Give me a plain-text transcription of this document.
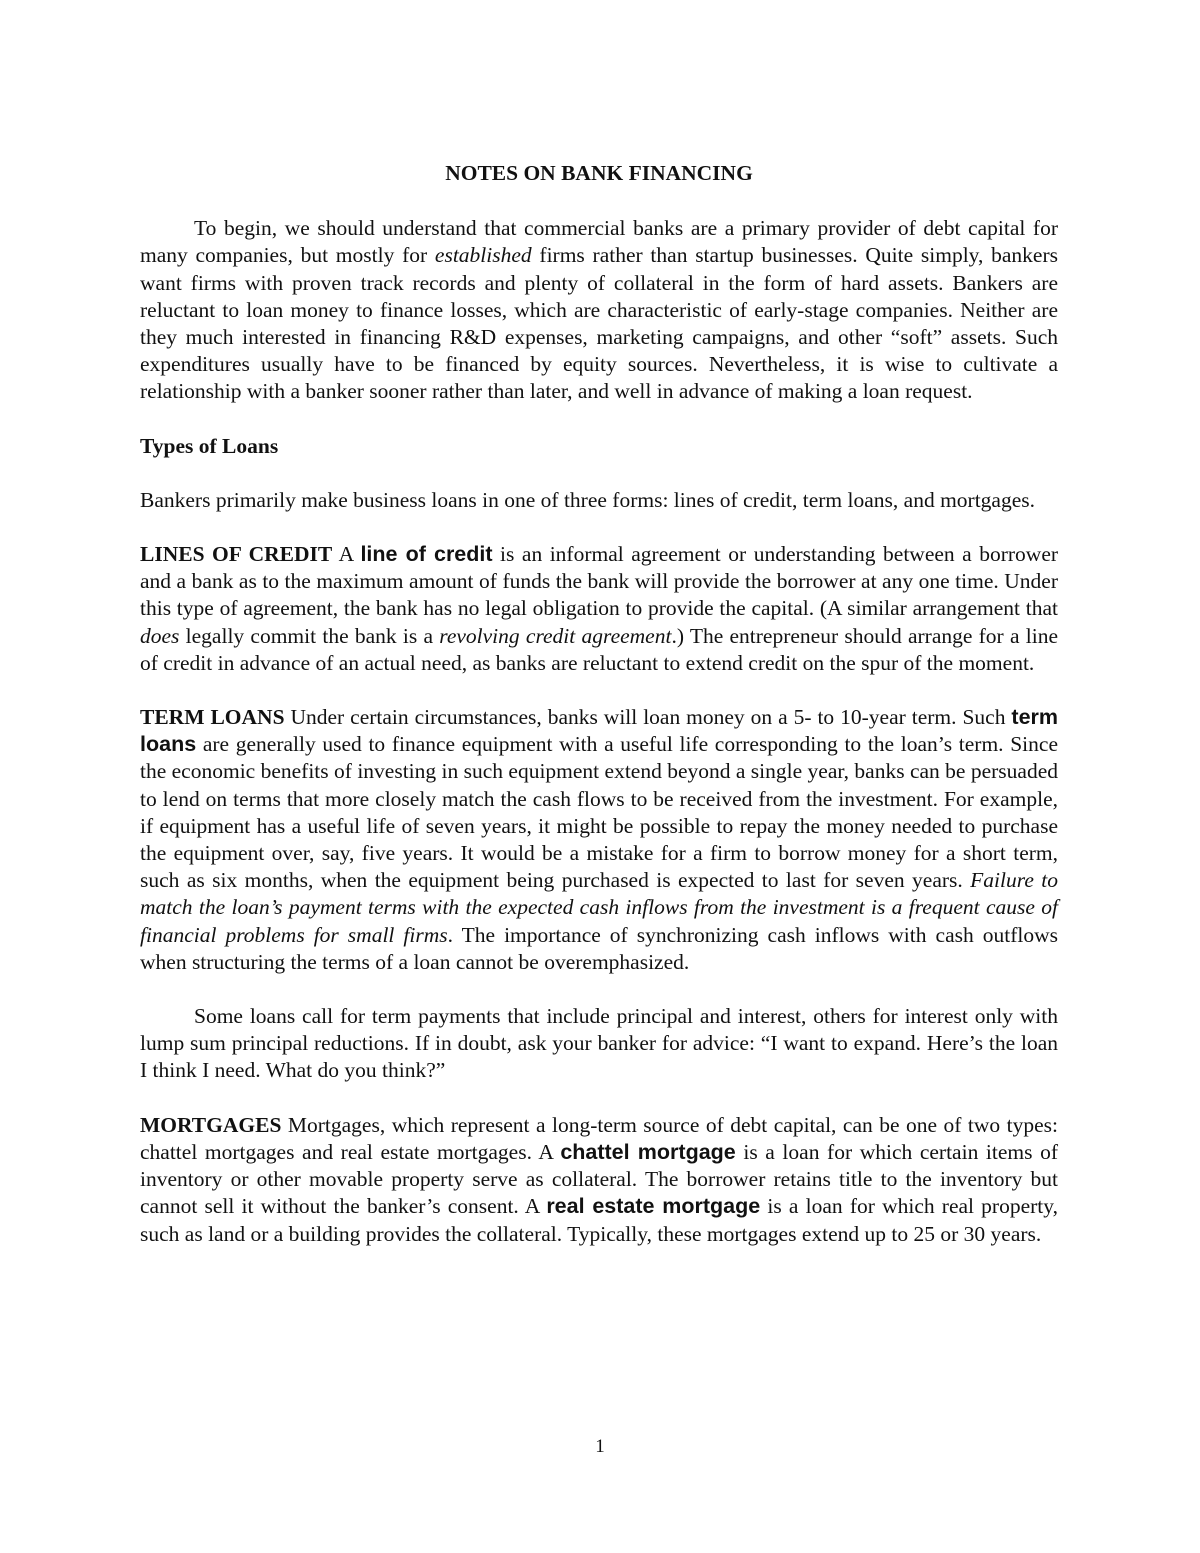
NOTES ON BANK FINANCING

To begin, we should understand that commercial banks are a primary provider of debt capital for many companies, but mostly for established firms rather than startup businesses. Quite simply, bankers want firms with proven track records and plenty of collateral in the form of hard assets. Bankers are reluctant to loan money to finance losses, which are characteristic of early-stage companies. Neither are they much interested in financing R&D expenses, marketing campaigns, and other “soft” assets. Such expenditures usually have to be financed by equity sources. Nevertheless, it is wise to cultivate a relationship with a banker sooner rather than later, and well in advance of making a loan request.

Types of Loans

Bankers primarily make business loans in one of three forms: lines of credit, term loans, and mortgages.

LINES OF CREDIT A line of credit is an informal agreement or understanding between a borrower and a bank as to the maximum amount of funds the bank will provide the borrower at any one time. Under this type of agreement, the bank has no legal obligation to provide the capital. (A similar arrangement that does legally commit the bank is a revolving credit agreement.) The entrepreneur should arrange for a line of credit in advance of an actual need, as banks are reluctant to extend credit on the spur of the moment.

TERM LOANS Under certain circumstances, banks will loan money on a 5- to 10-year term. Such term loans are generally used to finance equipment with a useful life corresponding to the loan’s term. Since the economic benefits of investing in such equipment extend beyond a single year, banks can be persuaded to lend on terms that more closely match the cash flows to be received from the investment. For example, if equipment has a useful life of seven years, it might be possible to repay the money needed to purchase the equipment over, say, five years. It would be a mistake for a firm to borrow money for a short term, such as six months, when the equipment being purchased is expected to last for seven years. Failure to match the loan’s payment terms with the expected cash inflows from the investment is a frequent cause of financial problems for small firms. The importance of synchronizing cash inflows with cash outflows when structuring the terms of a loan cannot be overemphasized.

Some loans call for term payments that include principal and interest, others for interest only with lump sum principal reductions. If in doubt, ask your banker for advice: “I want to expand. Here’s the loan I think I need. What do you think?”

MORTGAGES Mortgages, which represent a long-term source of debt capital, can be one of two types: chattel mortgages and real estate mortgages. A chattel mortgage is a loan for which certain items of inventory or other movable property serve as collateral. The borrower retains title to the inventory but cannot sell it without the banker’s consent. A real estate mortgage is a loan for which real property, such as land or a building provides the collateral. Typically, these mortgages extend up to 25 or 30 years.

1
